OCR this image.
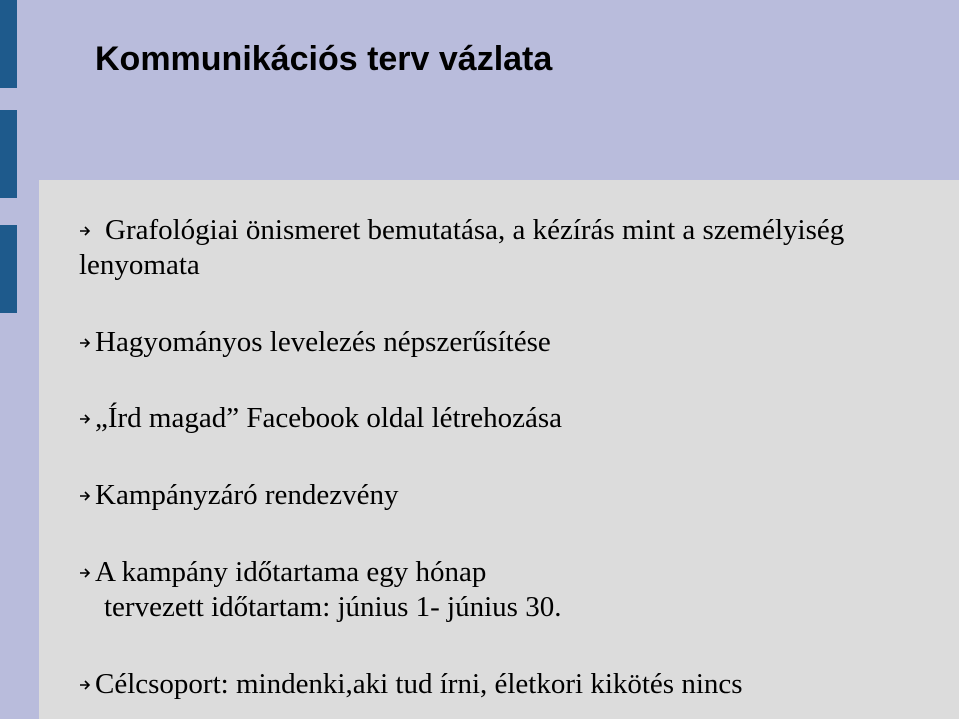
Kommunikációs terv vázlata
Grafológiai önismeret bemutatása, a kézírás mint a személyiség lenyomata
Hagyományos levelezés népszerűsítése
„Írd magad” Facebook oldal létrehozása
Kampányzáró rendezvény
A kampány időtartama egy hónap
tervezett időtartam: június 1- június 30.
Célcsoport: mindenki,aki tud írni, életkori kikötés nincs
